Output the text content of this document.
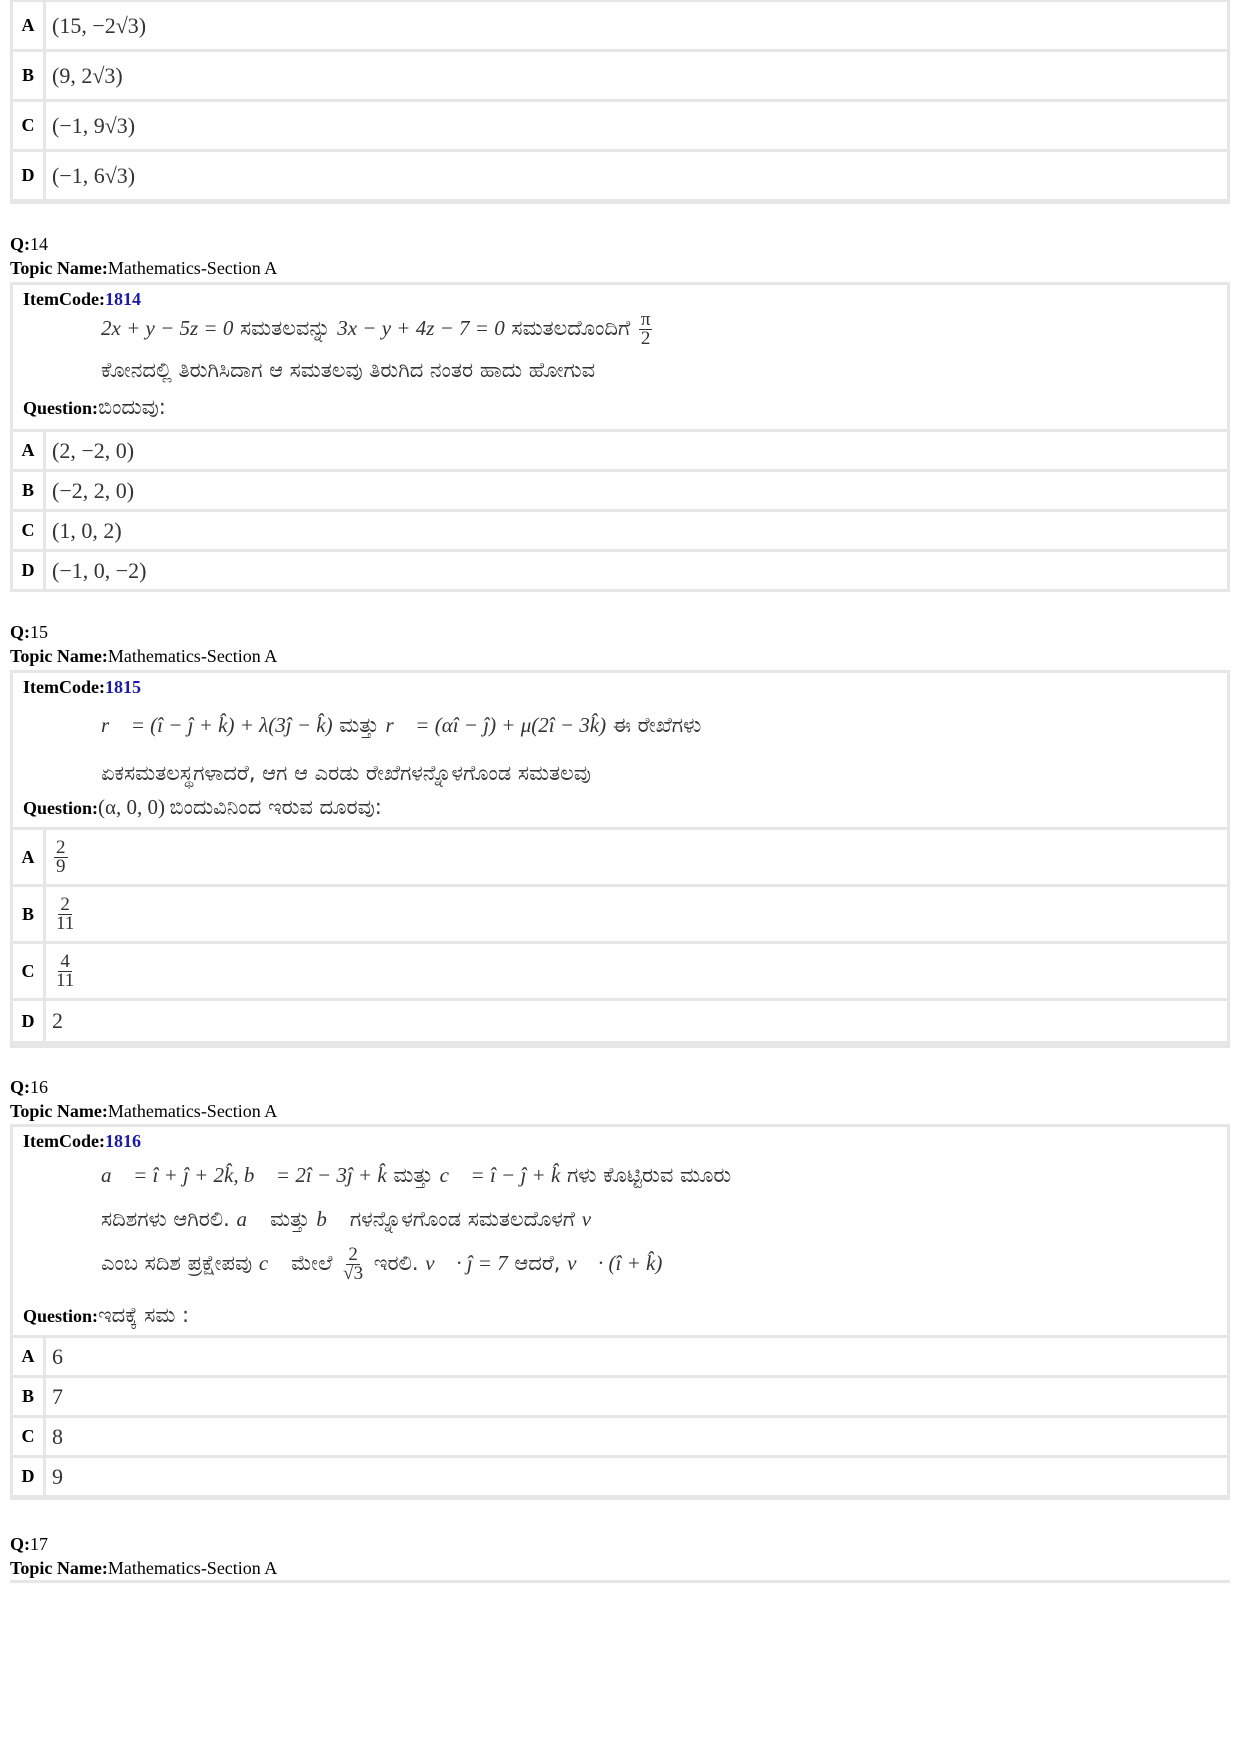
A (15, −2√3)
B (9, 2√3)
C (−1, 9√3)
D (−1, 6√3)
Q:14
Topic Name:Mathematics-Section A
ItemCode:1814
2x + y − 5z = 0 ಸಮತಲವನ್ನು 3x − y + 4z − 7 = 0 ಸಮತಲದೊಂದಿಗೆ $\frac{\pi}{2}$
ಕೋನದಲ್ಲಿ ತಿರುಗಿಸಿದಾಗ ಆ ಸಮತಲವು ತಿರುಗಿದ ನಂತರ ಹಾದು ಹೋಗುವ
Question:ಬಿಂದುವು:
A (2, −2, 0)
B (−2, 2, 0)
C (1, 0, 2)
D (−1, 0, −2)
Q:15
Topic Name:Mathematics-Section A
ItemCode:1815
r⃗ = (î − ĵ + k̂) + λ(3ĵ − k̂) ಮತ್ತು r⃗ = (αî − ĵ) + μ(2î − 3k̂) ಈ ರೇಖೆಗಳು
ಏಕಸಮತಲಸ್ಥಗಳಾದರೆ, ಆಗ ಆ ಎರಡು ರೇಖೆಗಳನ್ನೊಳಗೊಂಡ ಸಮತಲವು
Question:(α, 0, 0) ಬಿಂದುವಿನಿಂದ ಇರುವ ದೂರವು:
A	$\frac{2}{9}$
B	$\frac{2}{11}$
C	$\frac{4}{11}$
D 2
Q:16
Topic Name:Mathematics-Section A
ItemCode:1816
a⃗ = î + ĵ + 2k̂, b⃗ = 2î − 3ĵ + k̂ ಮತ್ತು c⃗ = î − ĵ + k̂ ಗಳು ಕೊಟ್ಟಿರುವ ಮೂರು
ಸದಿಶಗಳು ಆಗಿರಲಿ. a⃗ ಮತ್ತು b⃗ ಗಳನ್ನೊಳಗೊಂಡ ಸಮತಲದೊಳಗೆ v⃗
ಎಂಬ ಸದಿಶ ಪ್ರಕ್ಷೇಪವು c⃗ ಮೇಲೆ $\frac{2}{√3}$ ಇರಲಿ. v⃗ · ĵ = 7 ಆದರೆ, v⃗ · (î + k̂)
Question:ಇದಕ್ಕೆ ಸಮ :
A 6
B 7
C 8
D 9
Q:17
Topic Name:Mathematics-Section A
